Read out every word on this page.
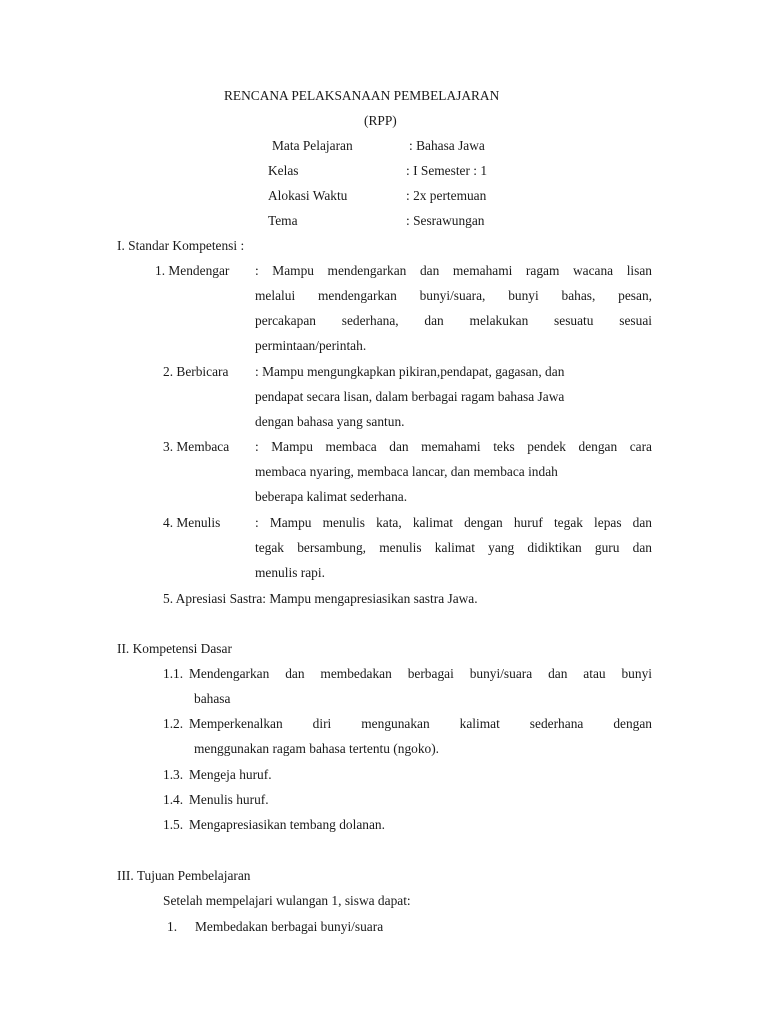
RENCANA PELAKSANAAN PEMBELAJARAN
(RPP)
Mata Pelajaran	: Bahasa Jawa
Kelas	: I Semester : 1
Alokasi Waktu	: 2x pertemuan
Tema	: Sesrawungan
I. Standar Kompetensi :
1. Mendengar : Mampu mendengarkan dan memahami ragam wacana lisan
melalui mendengarkan bunyi/suara, bunyi bahas, pesan,
percakapan sederhana, dan melakukan sesuatu sesuai
permintaan/perintah.
2. Berbicara : Mampu mengungkapkan pikiran,pendapat, gagasan, dan
pendapat secara lisan, dalam berbagai ragam bahasa Jawa
dengan bahasa yang santun.
3. Membaca : Mampu membaca dan memahami teks pendek dengan cara
membaca nyaring, membaca lancar, dan membaca indah
beberapa kalimat sederhana.
4. Menulis	: Mampu menulis kata, kalimat dengan huruf tegak lepas dan
tegak bersambung, menulis kalimat yang didiktikan guru dan
menulis rapi.
5. Apresiasi Sastra: Mampu mengapresiasikan sastra Jawa.
II. Kompetensi Dasar
1.1. Mendengarkan dan membedakan berbagai bunyi/suara dan atau bunyi
bahasa
1.2. Memperkenalkan diri mengunakan kalimat sederhana dengan
menggunakan ragam bahasa tertentu (ngoko).
1.3. Mengeja huruf.
1.4. Menulis huruf.
1.5. Mengapresiasikan tembang dolanan.
III. Tujuan Pembelajaran
Setelah mempelajari wulangan 1, siswa dapat:
1. Membedakan berbagai bunyi/suara
